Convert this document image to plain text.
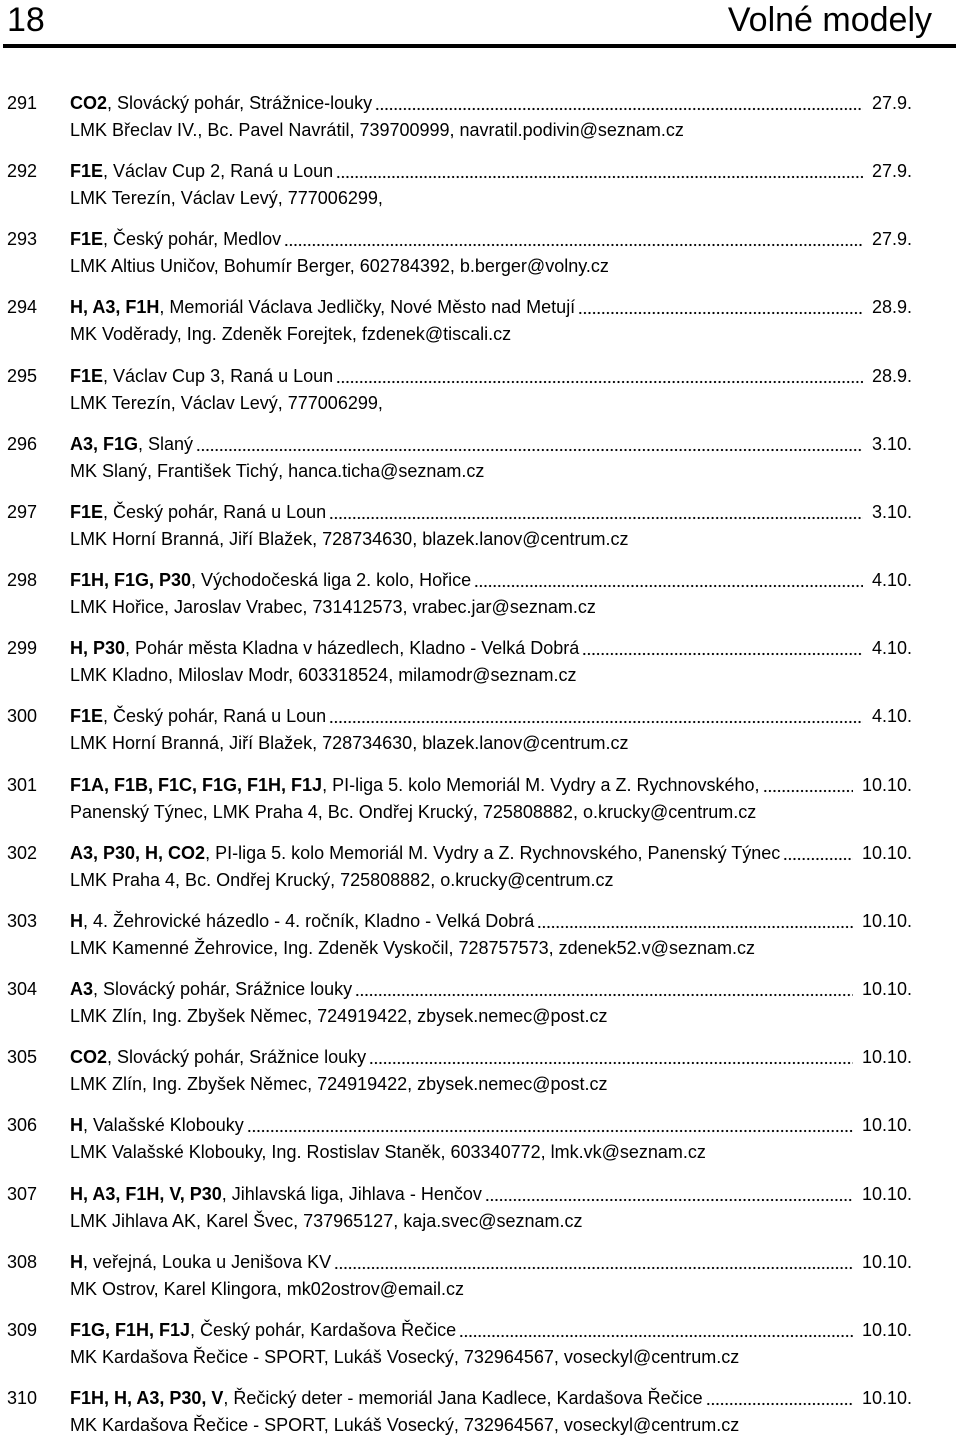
18	Volné modely
291 CO2, Slovácký pohár, Strážnice-louky	27.9.
LMK Břeclav IV., Bc. Pavel Navrátil, 739700999, navratil.podivin@seznam.cz
292 F1E, Václav Cup 2, Raná u Loun	27.9.
LMK Terezín, Václav Levý, 777006299,
293 F1E, Český pohár, Medlov	27.9.
LMK Altius Uničov, Bohumír Berger, 602784392, b.berger@volny.cz
294 H, A3, F1H, Memoriál Václava Jedličky, Nové Město nad Metují	28.9.
MK Voděrady, Ing. Zdeněk Forejtek, fzdenek@tiscali.cz
295 F1E, Václav Cup 3, Raná u Loun	28.9.
LMK Terezín, Václav Levý, 777006299,
296 A3, F1G, Slaný	3.10.
MK Slaný, František Tichý, hanca.ticha@seznam.cz
297 F1E, Český pohár, Raná u Loun	3.10.
LMK Horní Branná, Jiří Blažek, 728734630, blazek.lanov@centrum.cz
298 F1H, F1G, P30, Východočeská liga 2. kolo, Hořice	4.10.
LMK Hořice, Jaroslav Vrabec, 731412573, vrabec.jar@seznam.cz
299 H, P30, Pohár města Kladna v házedlech, Kladno - Velká Dobrá	4.10.
LMK Kladno, Miloslav Modr, 603318524, milamodr@seznam.cz
300 F1E, Český pohár, Raná u Loun	4.10.
LMK Horní Branná, Jiří Blažek, 728734630, blazek.lanov@centrum.cz
301 F1A, F1B, F1C, F1G, F1H, F1J, PI-liga 5. kolo Memoriál M. Vydry a Z. Rychnovského,	10.10.
Panenský Týnec, LMK Praha 4, Bc. Ondřej Krucký, 725808882, o.krucky@centrum.cz
302 A3, P30, H, CO2, PI-liga 5. kolo Memoriál M. Vydry a Z. Rychnovského, Panenský Týnec	10.10.
LMK Praha 4, Bc. Ondřej Krucký, 725808882, o.krucky@centrum.cz
303 H, 4. Žehrovické házedlo - 4. ročník, Kladno - Velká Dobrá	10.10.
LMK Kamenné Žehrovice, Ing. Zdeněk Vyskočil, 728757573, zdenek52.v@seznam.cz
304 A3, Slovácký pohár, Srážnice louky	10.10.
LMK Zlín, Ing. Zbyšek Němec, 724919422, zbysek.nemec@post.cz
305 CO2, Slovácký pohár, Srážnice louky	10.10.
LMK Zlín, Ing. Zbyšek Němec, 724919422, zbysek.nemec@post.cz
306 H, Valašské Klobouky	10.10.
LMK Valašské Klobouky, Ing. Rostislav Staněk, 603340772, lmk.vk@seznam.cz
307 H, A3, F1H, V, P30, Jihlavská liga, Jihlava - Henčov	10.10.
LMK Jihlava AK, Karel Švec, 737965127, kaja.svec@seznam.cz
308 H, veřejná, Louka u Jenišova KV	10.10.
MK Ostrov, Karel Klingora, mk02ostrov@email.cz
309 F1G, F1H, F1J, Český pohár, Kardašova Řečice	10.10.
MK Kardašova Řečice - SPORT, Lukáš Vosecký, 732964567, voseckyl@centrum.cz
310 F1H, H, A3, P30, V, Řečický deter - memoriál Jana Kadlece, Kardašova Řečice	10.10.
MK Kardašova Řečice - SPORT, Lukáš Vosecký, 732964567, voseckyl@centrum.cz
